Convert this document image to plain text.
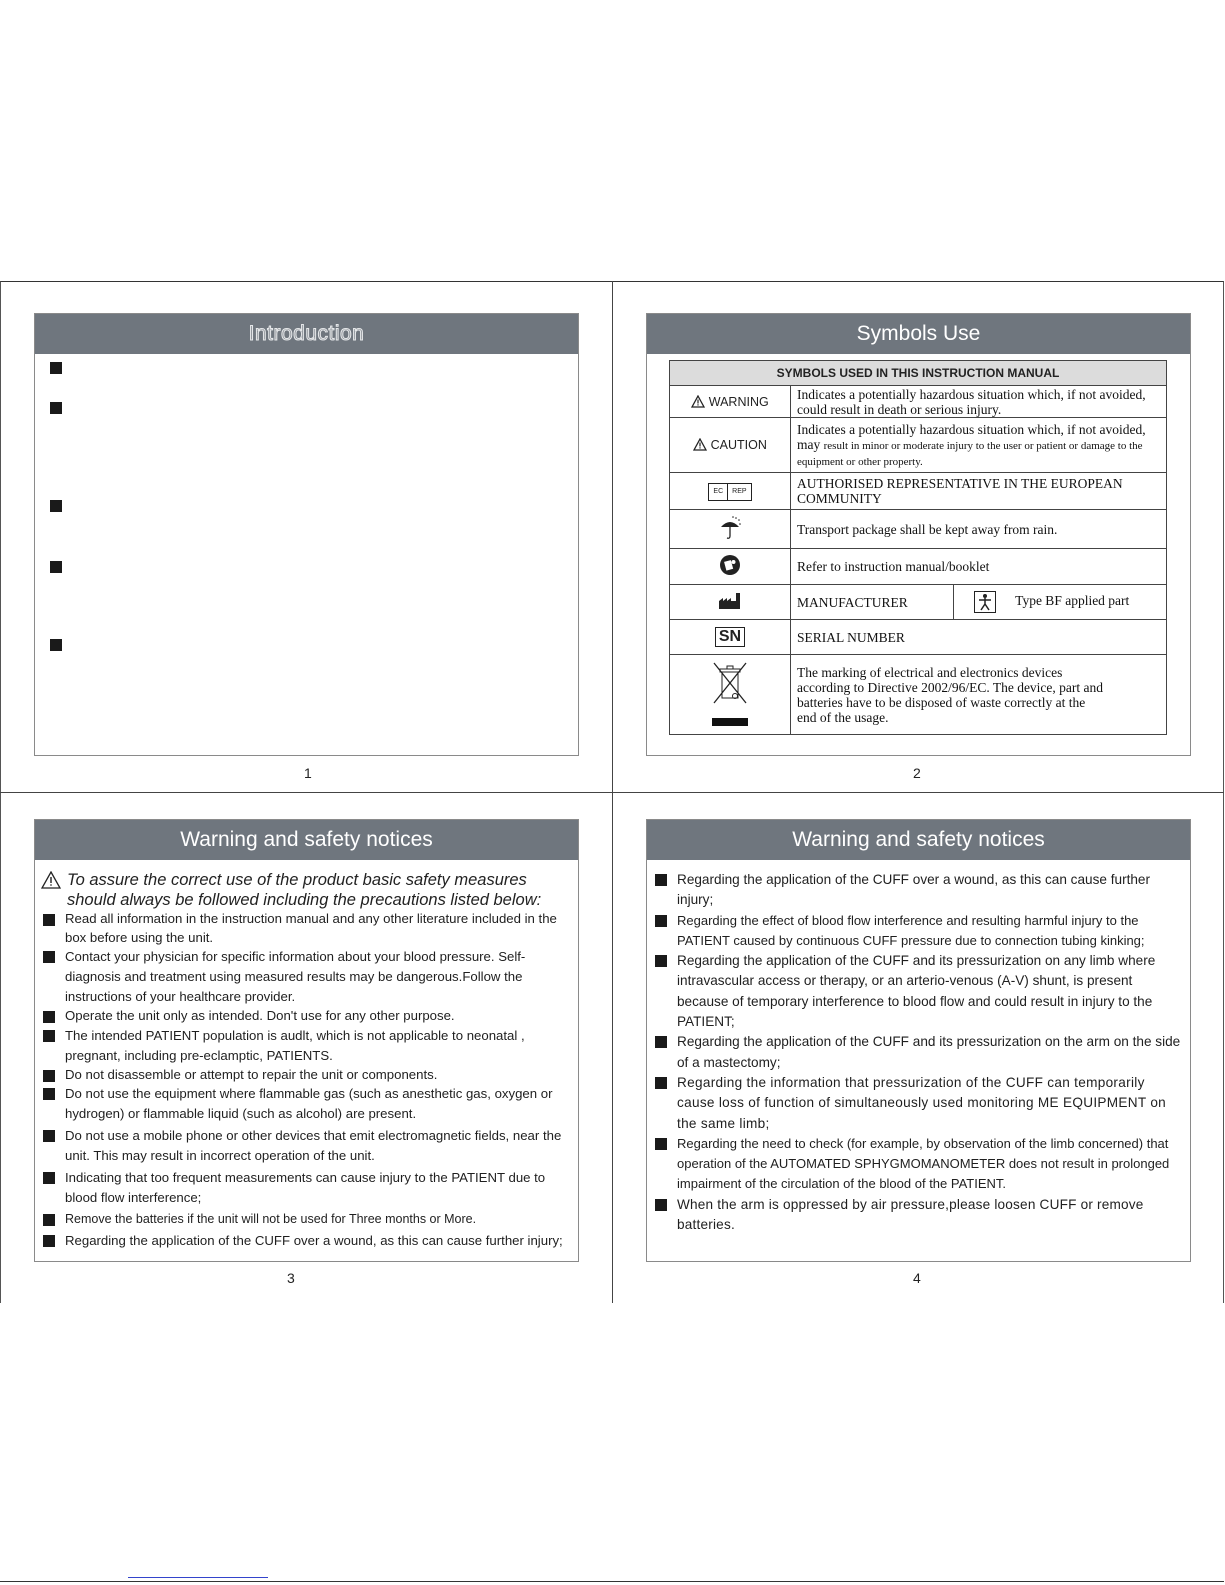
Introduction
1
Symbols Use
SYMBOLS USED IN THIS INSTRUCTION MANUAL		
WARNING	Indicates a potentially hazardous situation which, if not avoided, could result in death or serious injury.	
CAUTION	Indicates a potentially hazardous situation which, if not avoided, may result in minor or moderate injury to the user or patient or damage to the equipment or other property.	

EC REP	AUTHORISED REPRESENTATIVE IN THE EUROPEAN COMMUNITY	
	Transport package shall be kept away from rain.	
	Refer to instruction manual/booklet	
	MANUFACTURER	Type BF applied part
SN	SERIAL NUMBER	
	The marking of electrical and electronics devices according to Directive 2002/96/EC. The device, part and batteries have to be disposed of waste correctly at the end of the usage.	
2
Warning and safety notices
To assure the correct use of the product basic safety measures should always be followed including the precautions listed below:
Read all information in the instruction manual and any other literature included in the box before using the unit.
Contact your physician for specific information about your blood pressure. Self-diagnosis and treatment using measured results may be dangerous.Follow the instructions of your healthcare provider.
Operate the unit only as intended. Don't use for any other purpose.
The intended PATIENT population is audlt, which is not applicable to neonatal , pregnant, including pre-eclamptic, PATIENTS.
Do not disassemble or attempt to repair the unit or components.
Do not use the equipment where flammable gas (such as anesthetic gas, oxygen or hydrogen) or flammable liquid (such as alcohol) are present.
Do not use a mobile phone or other devices that emit electromagnetic fields, near the unit. This may result in incorrect operation of the unit.
Indicating that too frequent measurements can cause injury to the PATIENT due to blood flow interference;
Remove the batteries if the unit will not be used for Three months or More.
Regarding the application of the CUFF over a wound, as this can cause further injury;
3
Warning and safety notices
Regarding the application of the CUFF over a wound, as this can cause further injury;
Regarding the effect of blood flow interference and resulting harmful injury to the PATIENT caused by continuous CUFF pressure due to connection tubing kinking;
Regarding the application of the CUFF and its pressurization on any limb where intravascular access or therapy, or an arterio-venous (A-V) shunt, is present because of temporary interference to blood flow and could result in injury to the PATIENT;
Regarding the application of the CUFF and its pressurization on the arm on the side of a mastectomy;
Regarding the information that pressurization of the CUFF can temporarily cause loss of function of simultaneously used monitoring ME EQUIPMENT on the same limb;
Regarding the need to check (for example, by observation of the limb concerned) that operation of the AUTOMATED SPHYGMOMANOMETER does not result in prolonged impairment of the circulation of the blood of the PATIENT.
When the arm is oppressed by air pressure,please loosen CUFF or remove batteries.
4
